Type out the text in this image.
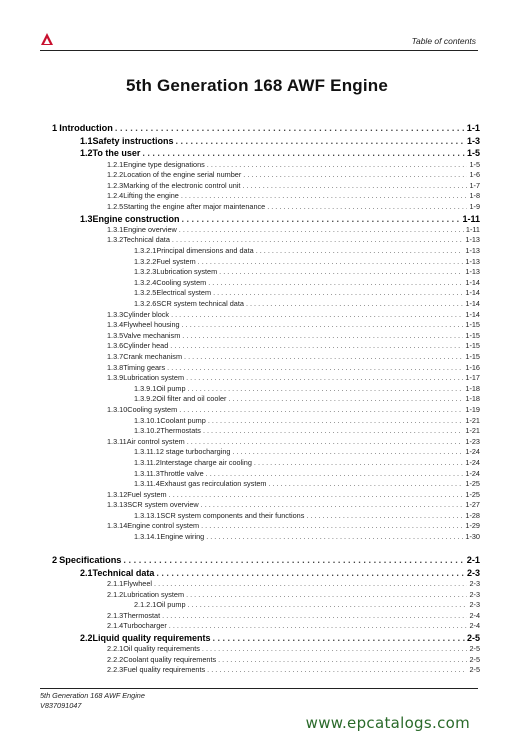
Table of contents
5th Generation 168 AWF Engine
1 Introduction . . .	1-1
1.1 Safety instructions . . .	1-3
1.2 To the user . . .	1-5
1.2.1 Engine type designations . . .	1-5
1.2.2 Location of the engine serial number . . .	1-6
1.2.3 Marking of the electronic control unit . . .	1-7
1.2.4 Lifting the engine . . .	1-8
1.2.5 Starting the engine after major maintenance . . .	1-9
1.3 Engine construction . . .	1-11
1.3.1 Engine overview . . .	1-11
1.3.2 Technical data . . .	1-13
1.3.2.1 Principal dimensions and data . . .	1-13
1.3.2.2 Fuel system . . .	1-13
1.3.2.3 Lubrication system . . .	1-13
1.3.2.4 Cooling system . . .	1-14
1.3.2.5 Electrical system . . .	1-14
1.3.2.6 SCR system technical data . . .	1-14
1.3.3 Cylinder block . . .	1-14
1.3.4 Flywheel housing . . .	1-15
1.3.5 Valve mechanism . . .	1-15
1.3.6 Cylinder head . . .	1-15
1.3.7 Crank mechanism . . .	1-15
1.3.8 Timing gears . . .	1-16
1.3.9 Lubrication system . . .	1-17
1.3.9.1 Oil pump . . .	1-18
1.3.9.2 Oil filter and oil cooler . . .	1-18
1.3.10 Cooling system . . .	1-19
1.3.10.1 Coolant pump . . .	1-21
1.3.10.2 Thermostats . . .	1-21
1.3.11 Air control system . . .	1-23
1.3.11.1 2 stage turbocharging . . .	1-24
1.3.11.2 Interstage charge air cooling . . .	1-24
1.3.11.3 Throttle valve . . .	1-24
1.3.11.4 Exhaust gas recirculation system . . .	1-25
1.3.12 Fuel system . . .	1-25
1.3.13 SCR system overview . . .	1-27
1.3.13.1 SCR system components and their functions . . .	1-28
1.3.14 Engine control system . . .	1-29
1.3.14.1 Engine wiring . . .	1-30
2 Specifications . . .	2-1
2.1 Technical data . . .	2-3
2.1.1 Flywheel . . .	2-3
2.1.2 Lubrication system . . .	2-3
2.1.2.1 Oil pump . . .	2-3
2.1.3 Thermostat . . .	2-4
2.1.4 Turbocharger . . .	2-4
2.2 Liquid quality requirements . . .	2-5
2.2.1 Oil quality requirements . . .	2-5
2.2.2 Coolant quality requirements . . .	2-5
2.2.3 Fuel quality requirements . . .	2-5
5th Generation 168 AWF Engine
V837091047
www.epcatalogs.com
